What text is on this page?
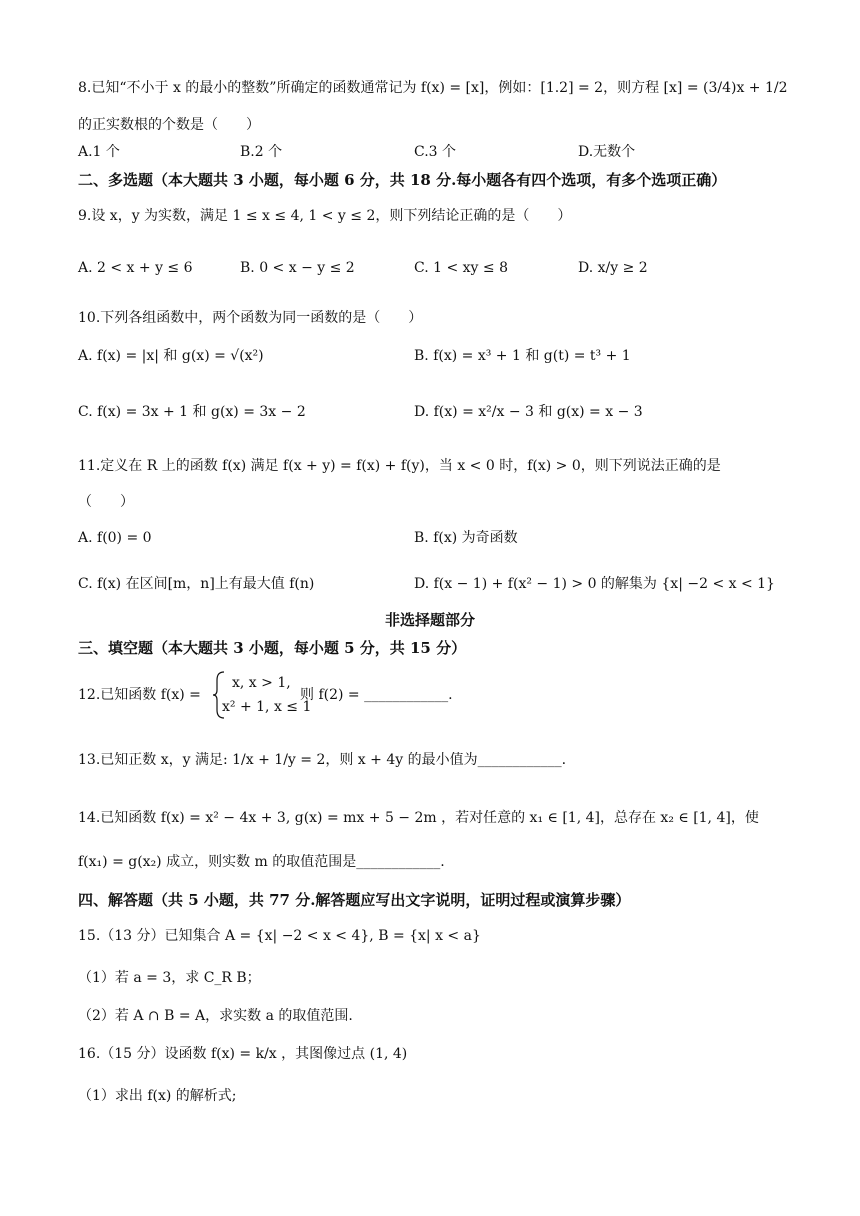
8.已知“不小于 x 的最小的整数”所确定的函数通常记为 f(x) = [x]，例如：[1.2] = 2，则方程 [x] = (3/4)x + 1/2
的正实数根的个数是（　　）
A.1 个	B.2 个	C.3 个	D.无数个
二、多选题（本大题共 3 小题，每小题 6 分，共 18 分.每小题各有四个选项，有多个选项正确）
9.设 x，y 为实数，满足 1 ≤ x ≤ 4, 1 < y ≤ 2，则下列结论正确的是（　　）
A. 2 < x + y ≤ 6	B. 0 < x − y ≤ 2	C. 1 < xy ≤ 8	D. x/y ≥ 2
10.下列各组函数中，两个函数为同一函数的是（　　）
A. f(x) = |x| 和 g(x) = √(x²)	B. f(x) = x³ + 1 和 g(t) = t³ + 1
C. f(x) = 3x + 1 和 g(x) = 3x − 2	D. f(x) = x²/x − 3 和 g(x) = x − 3
11.定义在 R 上的函数 f(x) 满足 f(x + y) = f(x) + f(y)，当 x < 0 时，f(x) > 0，则下列说法正确的是
（　　）
A. f(0) = 0	B. f(x) 为奇函数
C. f(x) 在区间[m，n]上有最大值 f(n)	D. f(x − 1) + f(x² − 1) > 0 的解集为 {x| −2 < x < 1}
非选择题部分
三、填空题（本大题共 3 小题，每小题 5 分，共 15 分）
12.已知函数 f(x) =
x, x > 1,
x² + 1, x ≤ 1
则 f(2) = ____________.
13.已知正数 x，y 满足: 1/x + 1/y = 2，则 x + 4y 的最小值为____________.
14.已知函数 f(x) = x² − 4x + 3, g(x) = mx + 5 − 2m ，若对任意的 x₁ ∈ [1, 4]，总存在 x₂ ∈ [1, 4]，使
f(x₁) = g(x₂) 成立，则实数 m 的取值范围是____________.
四、解答题（共 5 小题，共 77 分.解答题应写出文字说明，证明过程或演算步骤）
15.（13 分）已知集合 A = {x| −2 < x < 4}, B = {x| x < a}
（1）若 a = 3，求 C_R B；
（2）若 A ∩ B = A，求实数 a 的取值范围.
16.（15 分）设函数 f(x) = k/x ，其图像过点 (1, 4)
（1）求出 f(x) 的解析式;
